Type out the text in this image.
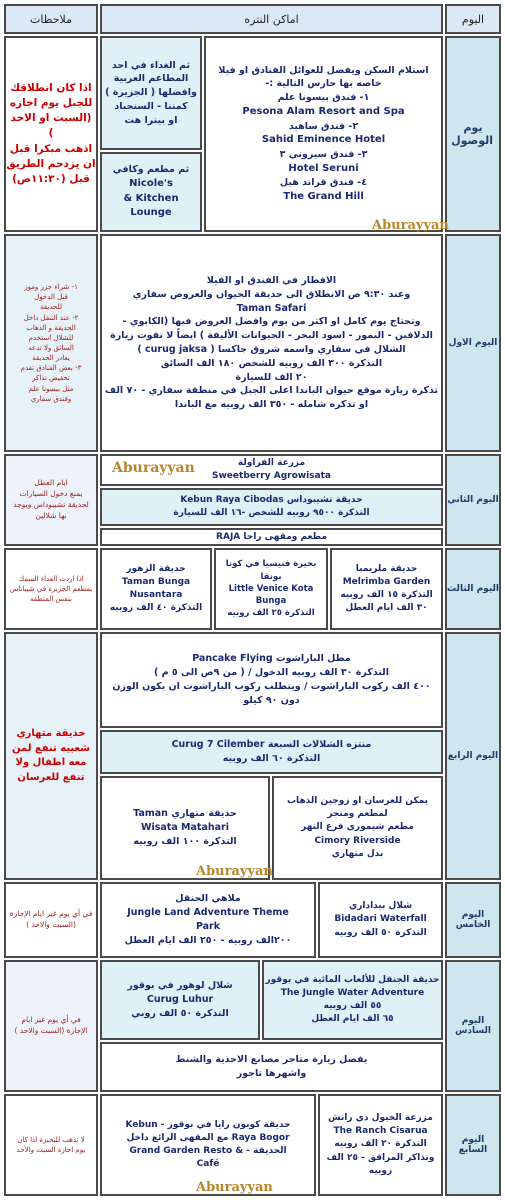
اليوم
اماكن النتره
ملاحظات
يوم الوصول
استلام السكن ويفضل للعوائل الفنادق او فيلا
خاصه بها حارس التالية :-
١- فندق بيسونا علم
Pesona Alam Resort and Spa
٢- فندق ساهيد
Sahid Eminence Hotel
٣- فندق سيروني ٣
Hotel Seruni
٤- فندق قراند هيل
The Grand Hill
ثم الغداء في احد
المطاعم العربية
وافضلها ( الجزيرة )
كمننا - السنحباد
او بيترا هت
ثم مطعم وكافي
Nicole's
Kitchen &
Lounge
اذا كان انطلاقك
للجبل يوم اجازه
(السبت او الاحد
)
اذهب مبكرا قبل
ان يزدحم الطريق
قبل (١١:٣٠ص)
Aburayyan
اليوم الاول
الافطار في الفندق او الفيلا
وعند ٩:٣٠ ص الانطلاق الى حديقة الحيوان والعروض سفاري
Taman Safari
وتحتاج يوم كامل او اكثر من يوم وافضل العروض فيها (الكابوي -
الدلافين - النمور - اسود البحر - الحيوانات الأليفة ) ايضاً لا تفوت زيارة
الشلال في سفاري واسمه شروق جاكسا ( curug jaksa )
التذكرة ٣٠٠ الف روبيه للشخص ١٨٠ الف السائق
٢٠ الف للسيارة
تذكرة زيارة موقع حيوان الباندا اعلى الجبل في منطقة سفاري - ٧٠ الف
او تذكره شامله - ٣٥٠ الف روبيه مع الباندا
١- شراء جزر وموز
قبل الدخول
للحديقة
٢- عند التنقل داخل
الحديقة و الذهاب
للشلال استخدم
السائق ولا تدعه
يغادر الحديقة
٣- بعض الفنادق تقدم
تخفيض تذاكر
مثل بيسونا علم
وفندق سفاري
اليوم الثاني
مزرعة الفراولة
Sweetberry Agrowisata
حديقة تشيبوداس Kebun Raya Cibodas
التذكرة ٩٥٠٠ روبيه للشخص -١٦ الف للسيارة
مطعم ومقهى راجا RAJA
ايام العطل
يمنع دخول السيارات
لحديقة تشيبوداس ويوجد
بها شلالين
Aburayyan
اليوم الثالث
حديقة ملريمبا
Melrimba Garden
التذكرة ١٥ الف روبيه
٣٠ الف ايام العطل
بحيرة فنيسيا في كوتا
بونقا
Little Venice Kota
Bunga
التذكرة ٢٥ الف روبيه
حديقة الزهور
Taman Bunga
Nusantara
التذكرة ٤٠ الف روبيه
اذا اردت الغداء السمك
بمطعم الجزيرة في شيباناس
بنفس المنطقة
اليوم الرابع
مطل الباراشوت Pancake Flying
التذكرة ٣٠ الف روبيه الدخول / ( من ٩ص الى ٥ م )
٤٠٠ الف ركوب الباراشوت / ويتطلب ركوب الباراشوت ان يكون الوزن
دون ٩٠ كيلو
منتزه الشلالات السبعة Curug 7 Cilember
التذكرة ٦٠ الف روبيه
يمكن للعرسان او زوجين الذهاب
لمطعم ومتجر
مطعم شيموري فرع النهر
Cimory Riverside
بدل متهاري
حديقة متهاري Taman
Wisata Matahari
التذكرة ١٠٠ الف روبيه
حديقة متهاري
شعبيه تنفع لمن
معه اطفال ولا
تنفع للعرسان
Aburayyan
اليوم الخامس
شلال بيداداري
Bidadari Waterfall
التذكرة ٥٠ الف روبيه
ملاهي الجنقل
Jungle Land Adventure Theme
Park
٢٠٠الف روبيه - ٢٥٠ الف ايام العطل
في أي يوم غير ايام الإجازة
(السبت والاحد )
اليوم السادس
حديقة الجنقل للألعاب المائية في بوقور
The Jungle Water Adventure
٥٥ الف روبيه
٦٥ الف ايام العطل
شلال لوهور في بوقور
Curug Luhur
التذكرة ٥٠ الف روبي
يفضل زيارة متاجر مصانع الاحذية والشنط
واشهرها تاجور
في أي يوم غير ايام
الإجازة (السبت والاحد )
اليوم السابع
مزرعة الخيول دي رانش
The Ranch Cisarua
التذكرة ٢٠ الف روبيه
وتذاكر المرافق - ٢٥ الف
روبيه
حديقة كوبون رايا في بوقور - Kebun
Raya Bogor مع المقهى الرائع داخل
الحديقة - & Grand Garden Resto
Café
لا تذهب للبحيرة اذا كان
يوم اجازة السبت والأحد
Aburayyan
